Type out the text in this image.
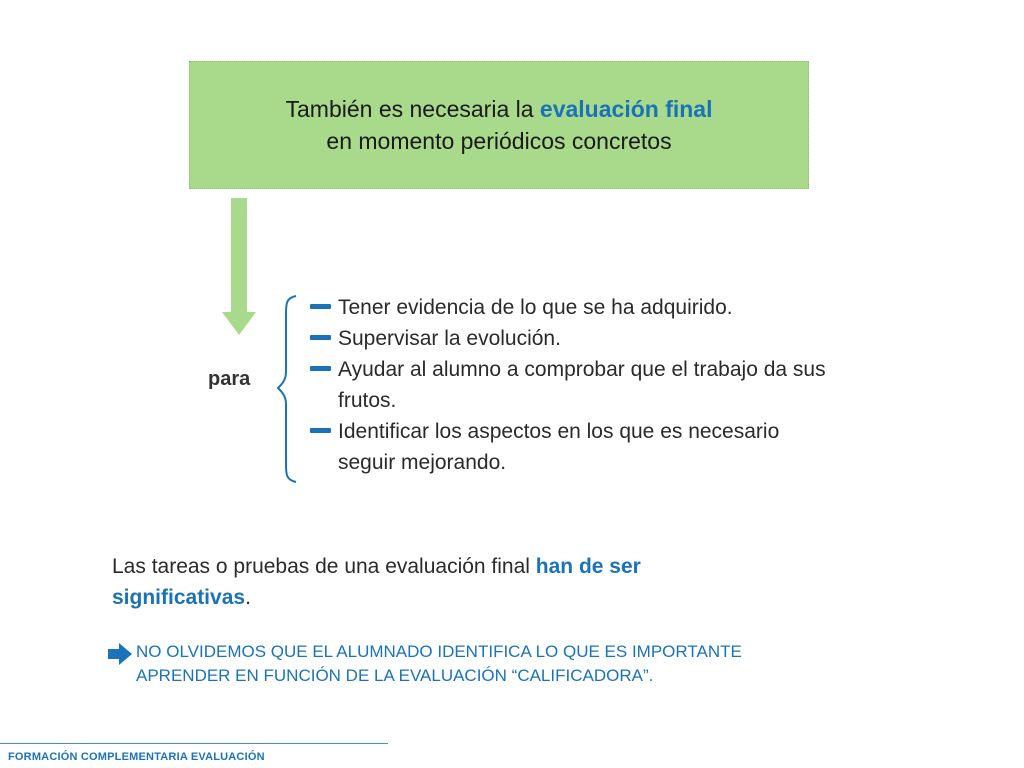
También es necesaria la evaluación final
en momento periódicos concretos
para
Tener evidencia de lo que se ha adquirido.
Supervisar la evolución.
Ayudar al alumno a comprobar que el trabajo da sus
frutos.
Identificar los aspectos en los que es necesario
seguir mejorando.
Las tareas o pruebas de una evaluación final han de ser
significativas.
NO OLVIDEMOS QUE EL ALUMNADO IDENTIFICA LO QUE ES IMPORTANTE
APRENDER EN FUNCIÓN DE LA EVALUACIÓN “CALIFICADORA”.
FORMACIÓN COMPLEMENTARIA EVALUACIÓN
